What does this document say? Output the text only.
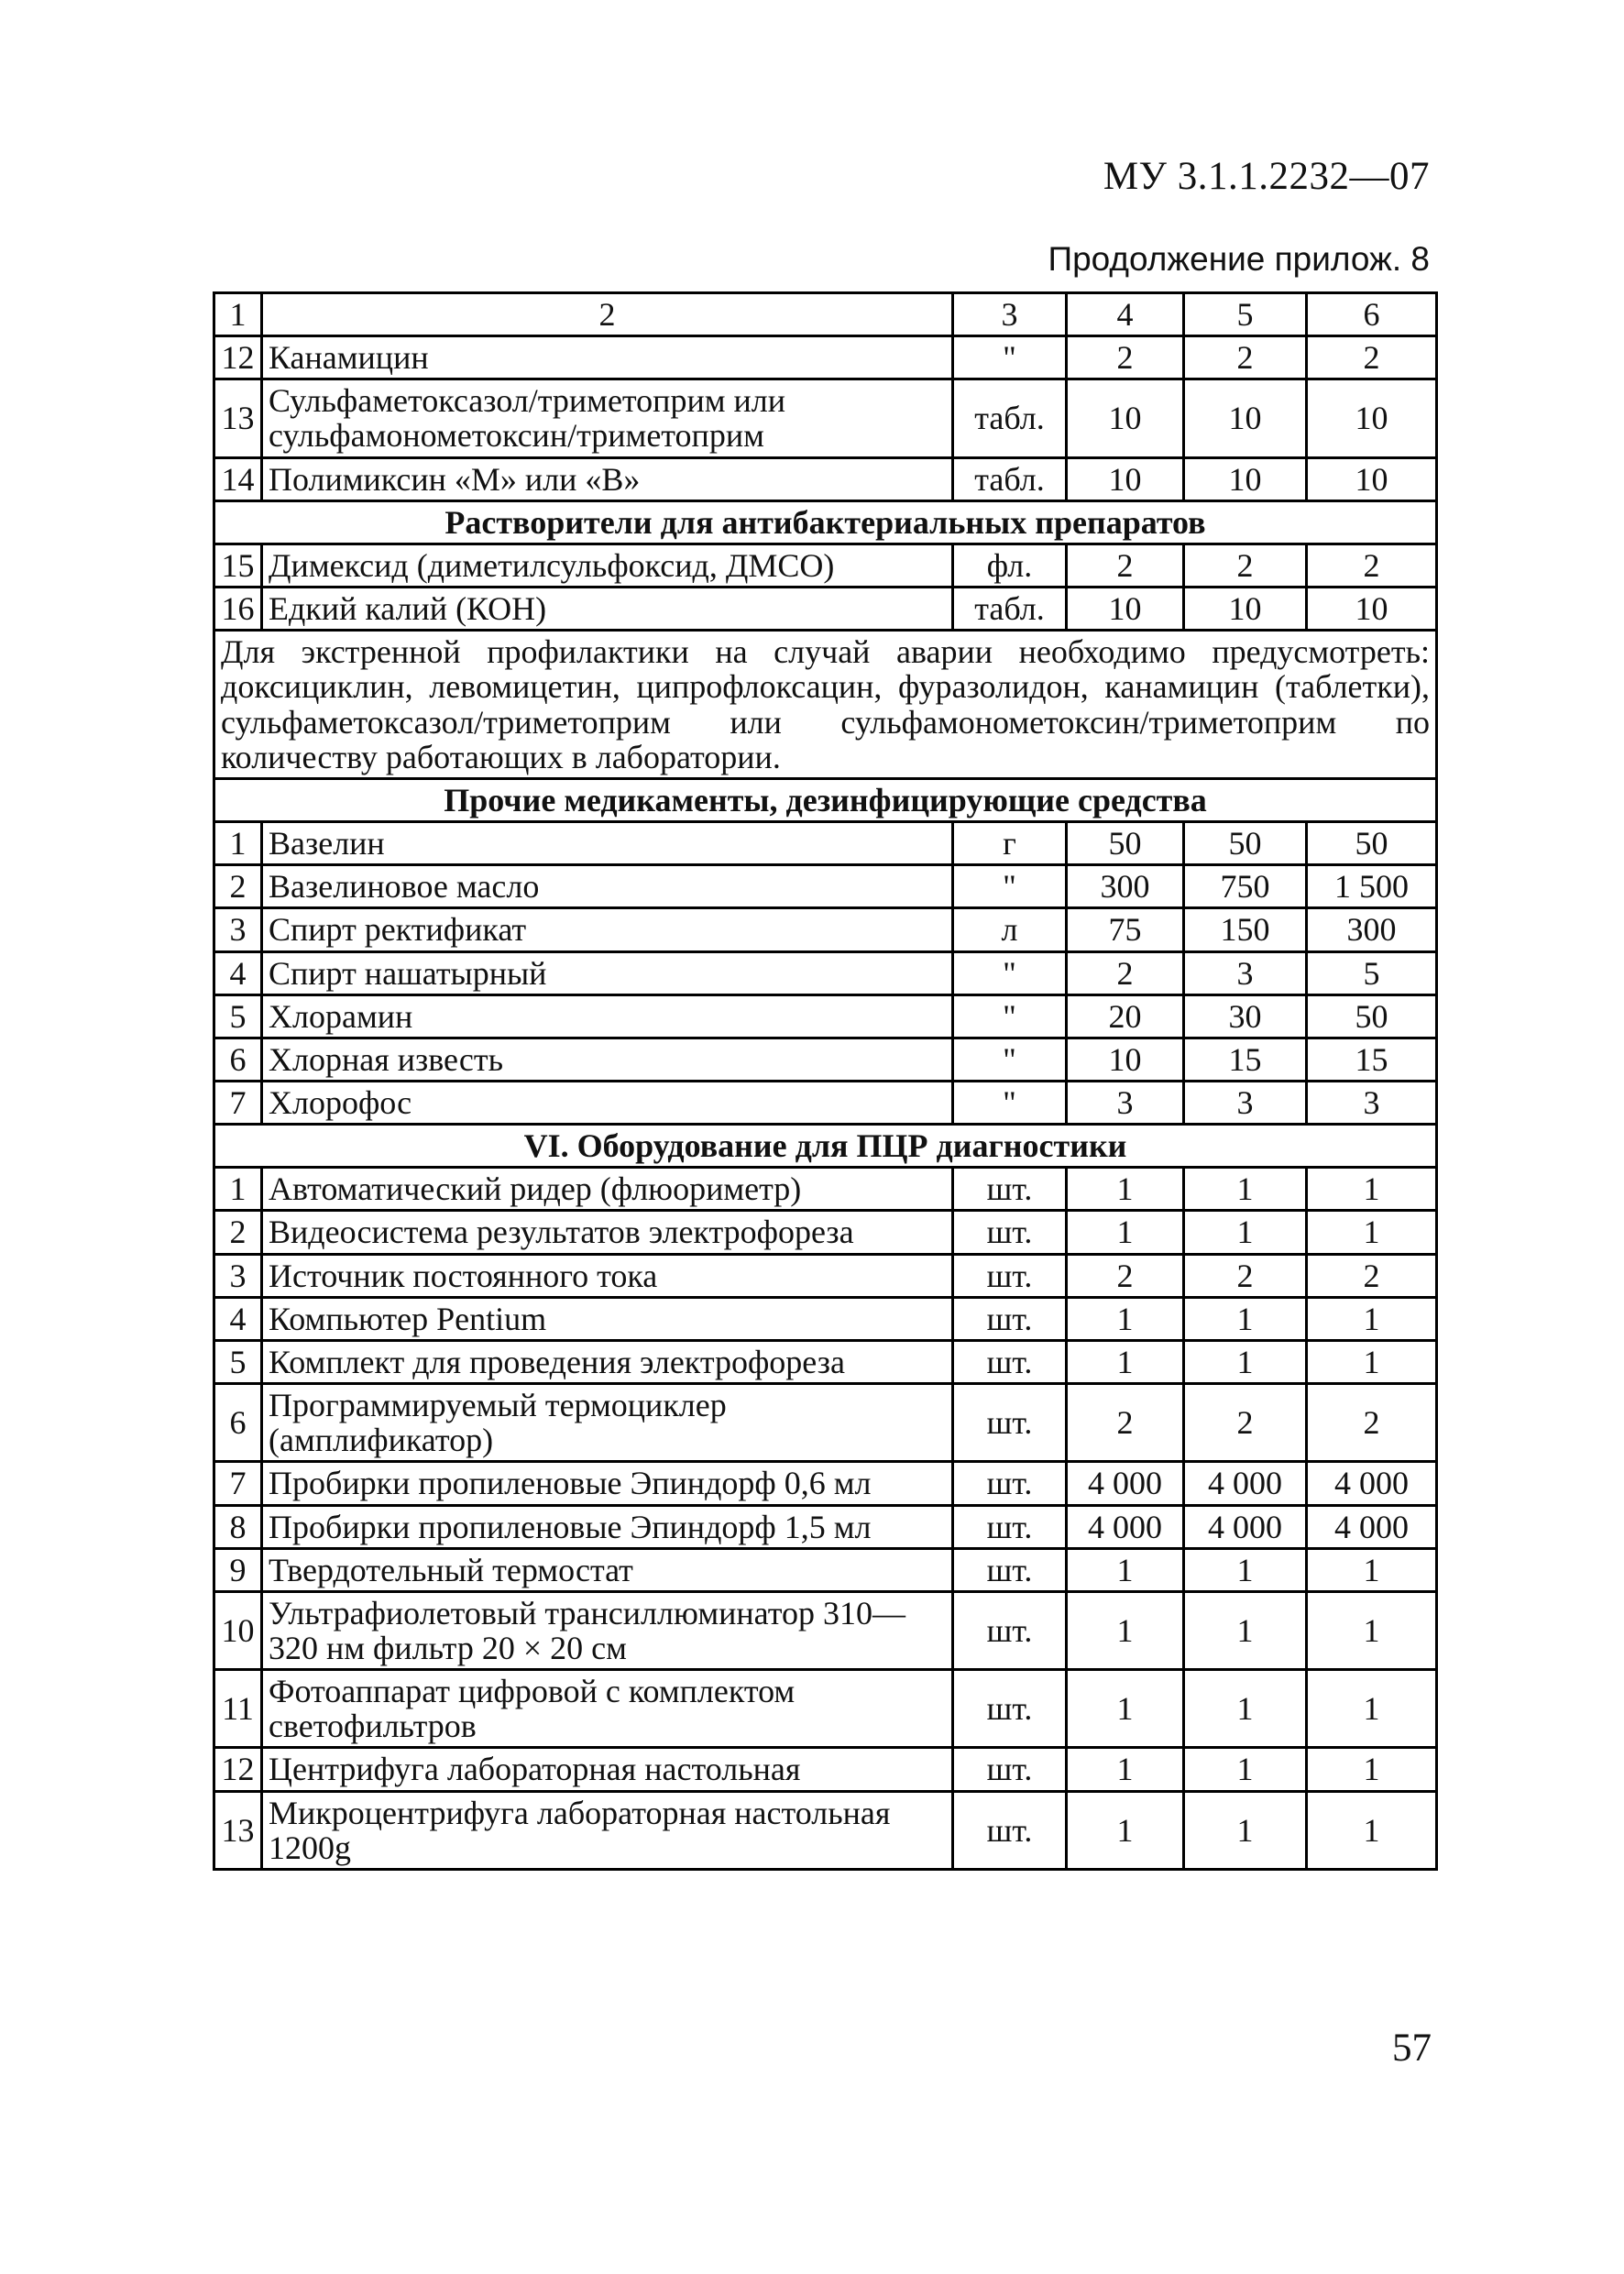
МУ 3.1.1.2232—07
Продолжение прилож. 8
1	2	3	4	5	6
12	Канамицин	"	2	2	2
13	Сульфаметоксазол/триметоприм или сульфамонометоксин/триметоприм	табл.	10	10	10
14	Полимиксин «М» или «В»	табл.	10	10	10
Растворители для антибактериальных препаратов					
15	Димексид (диметилсульфоксид, ДМСО)	фл.	2	2	2
16	Едкий калий (КОН)	табл.	10	10	10
Для экстренной профилактики на случай аварии необходимо предусмотреть: доксициклин, левомицетин, ципрофлоксацин, фуразолидон, канамицин (таблетки), сульфаметоксазол/триметоприм или сульфамонометоксин/триметоприм по количеству работающих в лаборатории.					
Прочие медикаменты, дезинфицирующие средства					
1	Вазелин	г	50	50	50
2	Вазелиновое масло	"	300	750	1 500
3	Спирт ректификат	л	75	150	300
4	Спирт нашатырный	"	2	3	5
5	Хлорамин	"	20	30	50
6	Хлорная известь	"	10	15	15
7	Хлорофос	"	3	3	3
VI. Оборудование для ПЦР диагностики					
1	Автоматический ридер (флюориметр)	шт.	1	1	1
2	Видеосистема результатов электрофореза	шт.	1	1	1
3	Источник постоянного тока	шт.	2	2	2
4	Компьютер Pentium	шт.	1	1	1
5	Комплект для проведения электрофореза	шт.	1	1	1
6	Программируемый термоциклер (амплификатор)	шт.	2	2	2
7	Пробирки пропиленовые Эпиндорф 0,6 мл	шт.	4 000	4 000	4 000
8	Пробирки пропиленовые Эпиндорф 1,5 мл	шт.	4 000	4 000	4 000
9	Твердотельный термостат	шт.	1	1	1
10	Ультрафиолетовый трансиллюминатор 310—320 нм фильтр 20 × 20 см	шт.	1	1	1
11	Фотоаппарат цифровой с комплектом светофильтров	шт.	1	1	1
12	Центрифуга лабораторная настольная	шт.	1	1	1
13	Микроцентрифуга лабораторная настольная 1200g	шт.	1	1	1
57
